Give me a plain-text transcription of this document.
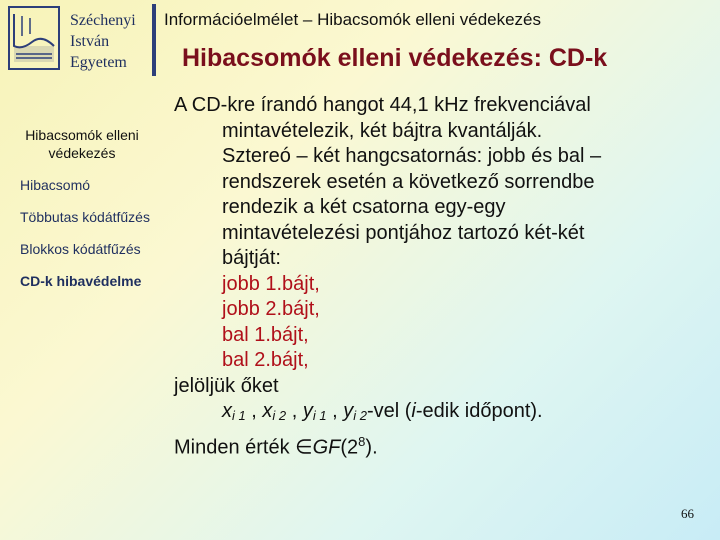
Széchenyi
István
Egyetem
Információelmélet – Hibacsomók elleni védekezés
Hibacsomók elleni védekezés: CD-k
Hibacsomók elleni védekezés
Hibacsomó
Többutas kódátfűzés
Blokkos kódátfűzés
CD-k hibavédelme
A CD-kre írandó hangot 44,1 kHz frekvenciával
mintavételezik, két bájtra kvantálják.
Sztereó – két hangcsatornás: jobb és bal –
rendszerek esetén a következő sorrendbe
rendezik a két csatorna egy-egy
mintavételezési pontjához tartozó két-két
bájtját:
jobb 1.bájt,
jobb 2.bájt,
bal 1.bájt,
bal 2.bájt,
jelöljük őket
$x_{i 1}$ , $x_{i 2}$ , $y_{i 1}$ , $y_{i 2}$-vel (i-edik időpont).
Minden érték $\in GF(2^8)$.
66
